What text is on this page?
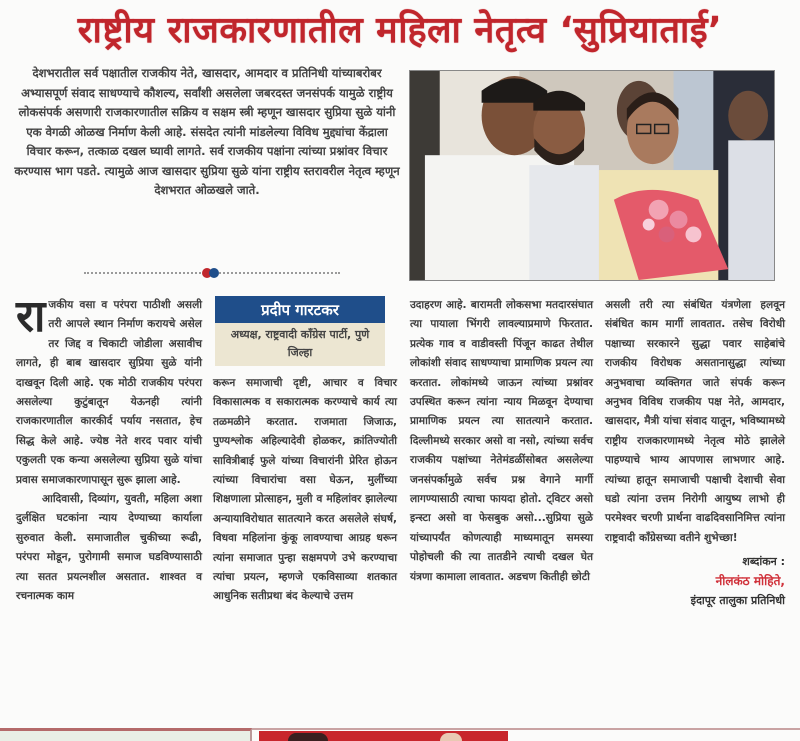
राष्ट्रीय राजकारणातील महिला नेतृत्व ‘सुप्रियाताई’
देशभरातील सर्व पक्षातील राजकीय नेते, खासदार, आमदार व प्रतिनिधी यांच्याबरोबर अभ्यासपूर्ण संवाद साधण्याचे कौशल्य, सर्वांशी असलेला जबरदस्त जनसंपर्क यामुळे राष्ट्रीय लोकसंपर्क असणारी राजकारणातील सक्रिय व सक्षम स्त्री म्हणून खासदार सुप्रिया सुळे यांनी एक वेगळी ओळख निर्माण केली आहे. संसदेत त्यांनी मांडलेल्या विविध मुद्द्यांचा केंद्राला विचार करून, तत्काळ दखल घ्यावी लागते. सर्व राजकीय पक्षांना त्यांच्या प्रश्नांवर विचार करण्यास भाग पडते. त्यामुळे आज खासदार सुप्रिया सुळे यांना राष्ट्रीय स्तरावरील नेतृत्व म्हणून देशभरात ओळखले जाते.
रा जकीय वसा व परंपरा पाठीशी असली तरी आपले स्थान निर्माण करायचे असेल तर जिद्द व चिकाटी जोडीला असावीच लागते, ही बाब खासदार सुप्रिया सुळे यांनी दाखवून दिली आहे. एक मोठी राजकीय परंपरा असलेल्या कुटुंबातून येऊनही त्यांनी राजकारणातील कारकीर्द पर्याय नसतात, हेच सिद्ध केले आहे. ज्येष्ठ नेते शरद पवार यांची एकुलती एक कन्या असलेल्या सुप्रिया सुळे यांचा प्रवास समाजकारणापासून सुरू झाला आहे.

आदिवासी, दिव्यांग, युवती, महिला अशा दुर्लक्षित घटकांना न्याय देण्याच्या कार्याला सुरुवात केली. समाजातील चुकीच्या रूढी, परंपरा मोडून, पुरोगामी समाज घडविण्यासाठी त्या सतत प्रयत्नशील असतात. शाश्वत व रचनात्मक काम

प्रदीप गारटकर
अध्यक्ष, राष्ट्रवादी काँग्रेस पार्टी, पुणे जिल्हा

करून समाजाची दृष्टी, आचार व विचार विकासात्मक व सकारात्मक करण्याचे कार्य त्या तळमळीने करतात. राजमाता जिजाऊ, पुण्यश्लोक अहिल्यादेवी होळकर, क्रांतिज्योती सावित्रीबाई फुले यांच्या विचारांनी प्रेरित होऊन त्यांच्या विचारांचा वसा घेऊन, मुलींच्या शिक्षणाला प्रोत्साहन, मुली व महिलांवर झालेल्या अन्यायाविरोधात सातत्याने करत असलेले संघर्ष, विधवा महिलांना कुंकू लावण्याचा आग्रह धरून त्यांना समाजात पुन्हा सक्षमपणे उभे करण्याचा त्यांचा प्रयत्न, म्हणजे एकविसाव्या शतकात आधुनिक सतीप्रथा बंद केल्याचे उत्तम

उदाहरण आहे. बारामती लोकसभा मतदारसंघात त्या पायाला भिंगरी लावल्याप्रमाणे फिरतात. प्रत्येक गाव व वाडीवस्ती पिंजून काढत तेथील लोकांशी संवाद साधण्याचा प्रामाणिक प्रयत्न त्या करतात. लोकांमध्ये जाऊन त्यांच्या प्रश्नांवर उपस्थित करून त्यांना न्याय मिळवून देण्याचा प्रामाणिक प्रयत्न त्या सातत्याने करतात. दिल्लीमध्ये सरकार असो वा नसो, त्यांच्या सर्वच राजकीय पक्षांच्या नेतेमंडळींसोबत असलेल्या जनसंपर्कामुळे सर्वच प्रश्न वेगाने मार्गी लागण्यासाठी त्याचा फायदा होतो. ट्विटर असो इन्स्टा असो वा फेसबुक असो...सुप्रिया सुळे यांच्यापर्यंत कोणत्याही माध्यमातून समस्या पोहोचली की त्या तातडीने त्याची दखल घेत यंत्रणा कामाला लावतात. अडचण कितीही छोटी

असली तरी त्या संबंधित यंत्रणेला हलवून संबंधित काम मार्गी लावतात. तसेच विरोधी पक्षाच्या सरकारने सुद्धा पवार साहेबांचे राजकीय विरोधक असतानासुद्धा त्यांच्या अनुभवाचा व्यक्तिगत जाते संपर्क करून अनुभव विविध राजकीय पक्ष नेते, आमदार, खासदार, मैत्री यांचा संवाद यातून, भविष्यामध्ये राष्ट्रीय राजकारणामध्ये नेतृत्व मोठे झालेले पाहण्याचे भाग्य आपणास लाभणार आहे. त्यांच्या हातून समाजाची पक्षाची देशाची सेवा घडो त्यांना उत्तम निरोगी आयुष्य लाभो ही परमेश्वर चरणी प्रार्थना वाढदिवसानिमित्त त्यांना राष्ट्रवादी काँग्रेसच्या वतीने शुभेच्छा!

शब्दांकन :
नीलकंठ मोहिते,
इंदापूर तालुका प्रतिनिधी
